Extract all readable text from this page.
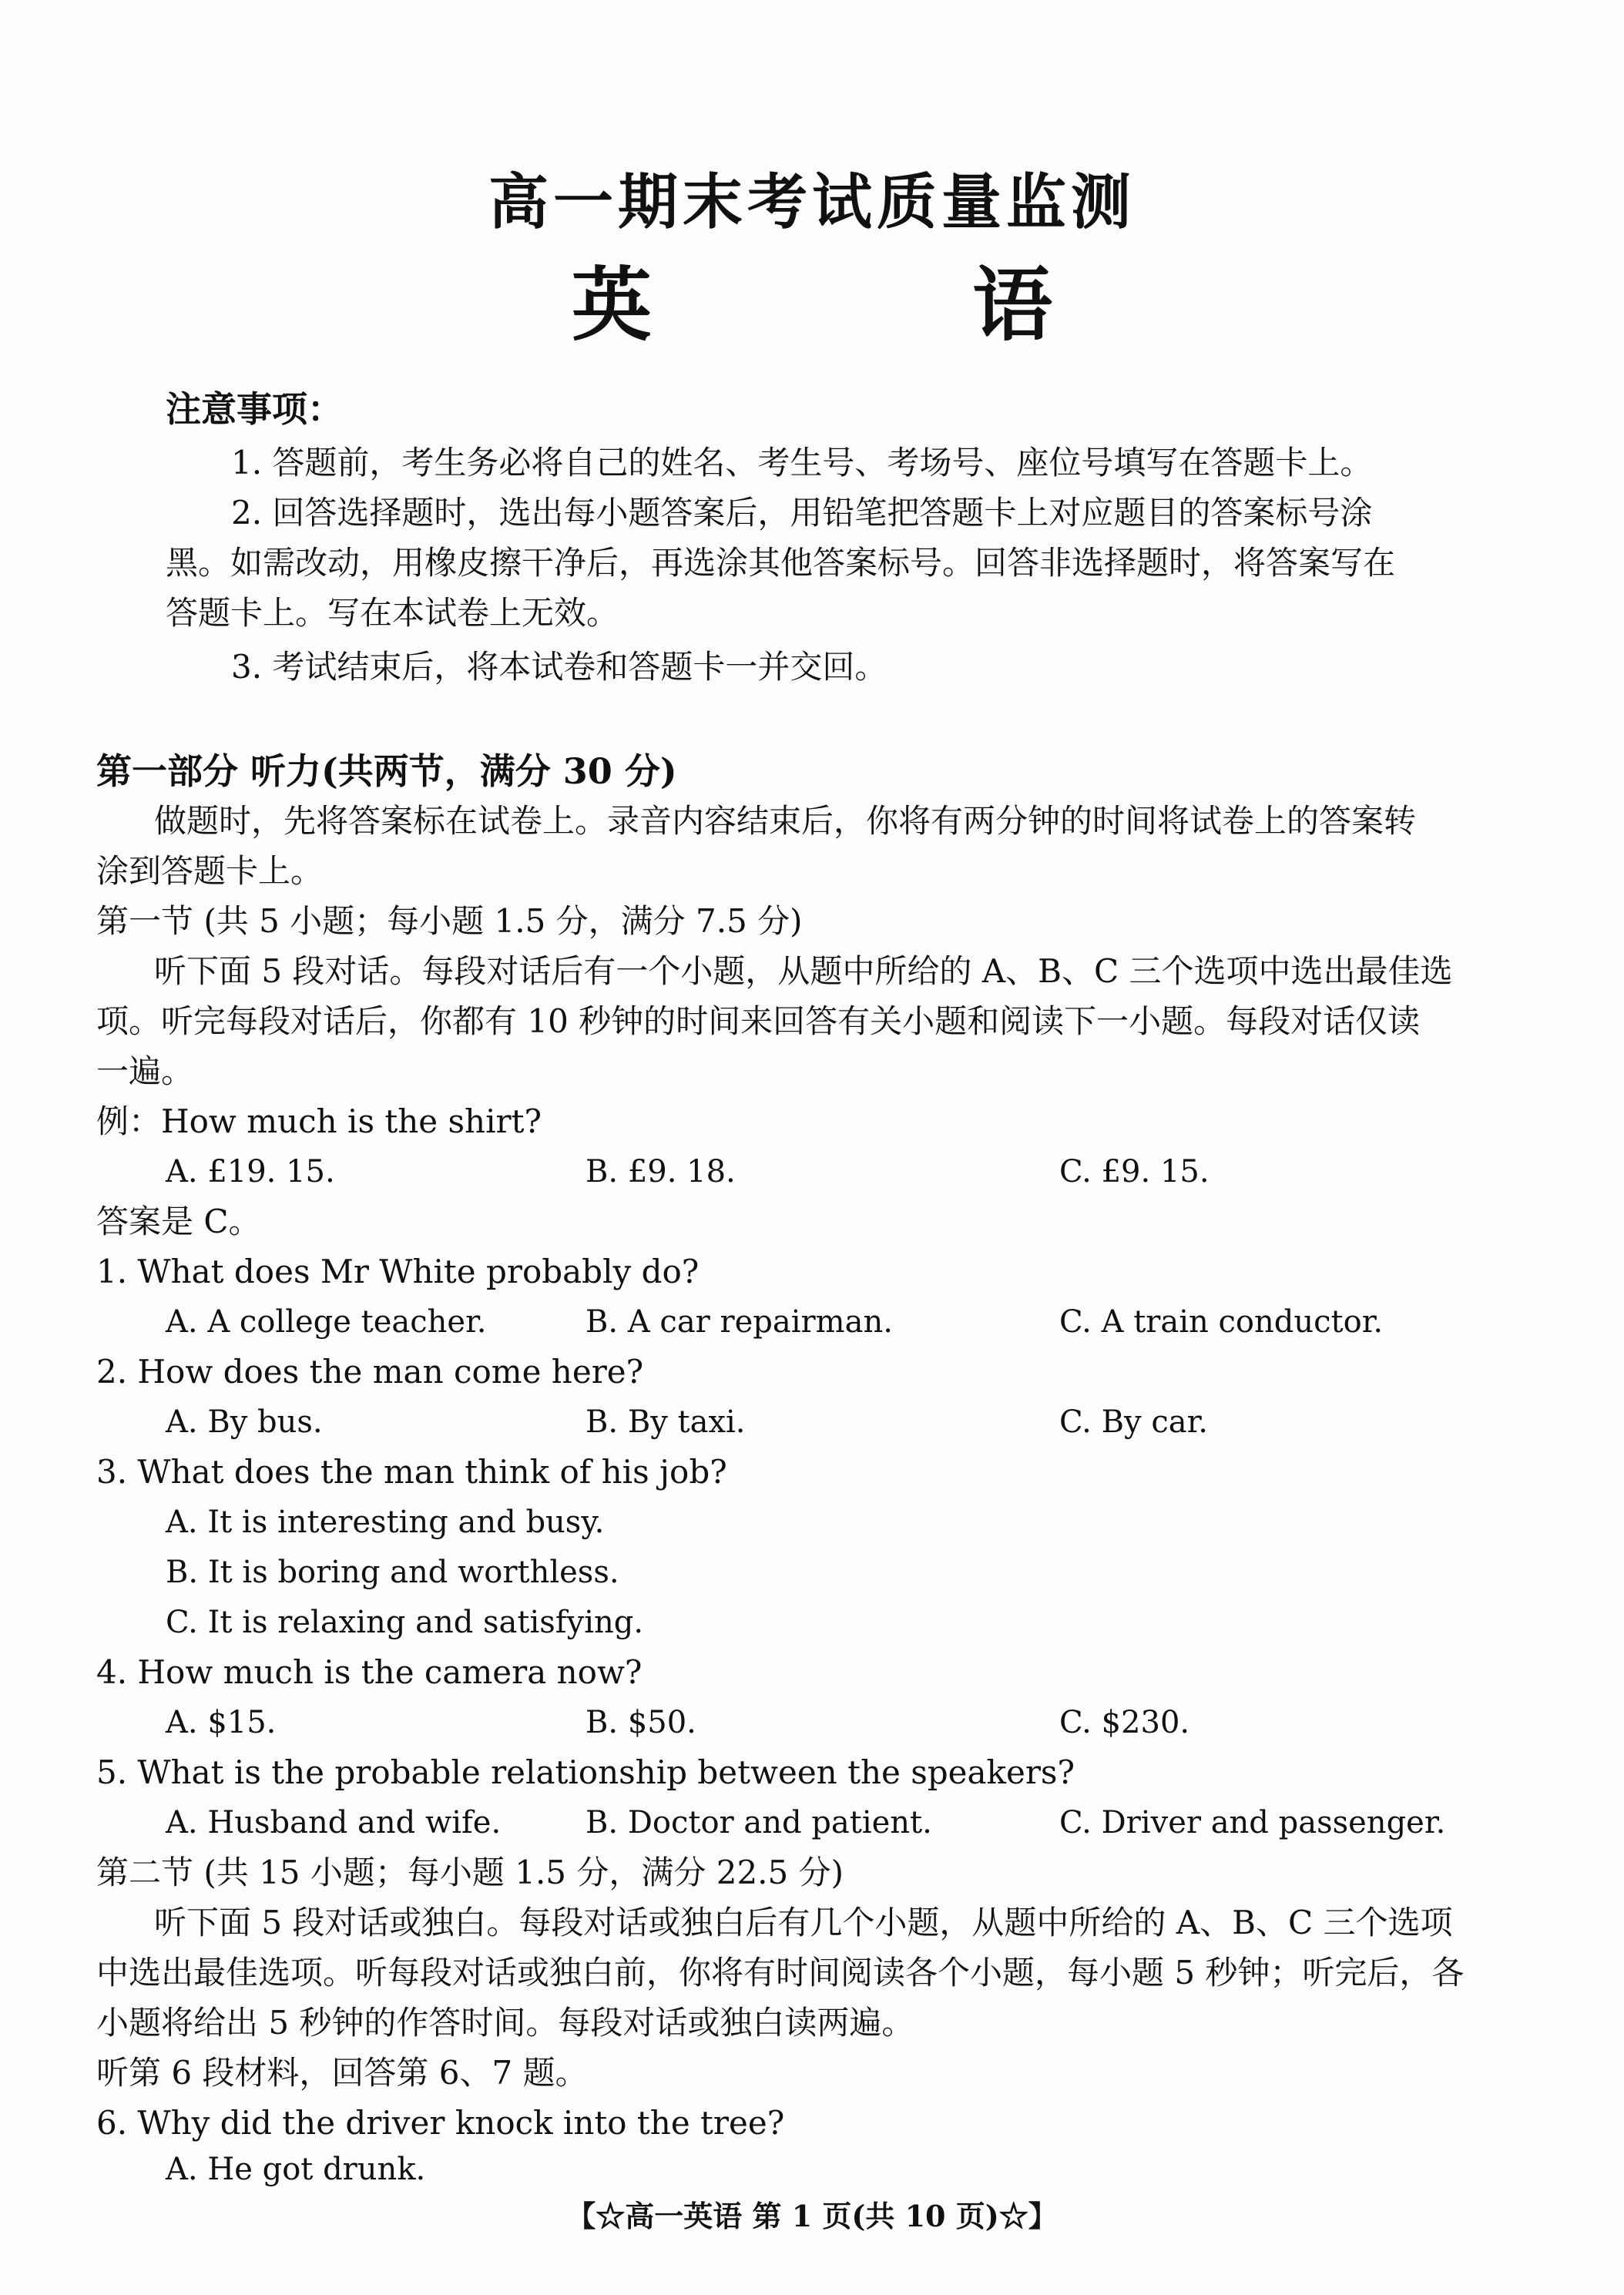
高一期末考试质量监测
英 语
注意事项：
1. 答题前，考生务必将自己的姓名、考生号、考场号、座位号填写在答题卡上。
2. 回答选择题时，选出每小题答案后，用铅笔把答题卡上对应题目的答案标号涂
黑。如需改动，用橡皮擦干净后，再选涂其他答案标号。回答非选择题时，将答案写在
答题卡上。写在本试卷上无效。
3. 考试结束后，将本试卷和答题卡一并交回。
第一部分 听力(共两节，满分 30 分)
做题时，先将答案标在试卷上。录音内容结束后，你将有两分钟的时间将试卷上的答案转
涂到答题卡上。
第一节 (共 5 小题；每小题 1.5 分，满分 7.5 分)
听下面 5 段对话。每段对话后有一个小题，从题中所给的 A、B、C 三个选项中选出最佳选
项。听完每段对话后，你都有 10 秒钟的时间来回答有关小题和阅读下一小题。每段对话仅读
一遍。
例：How much is the shirt?
A. £19. 15.	B. £9. 18.	C. £9. 15.
答案是 C。
1. What does Mr White probably do?
A. A college teacher.	B. A car repairman.	C. A train conductor.
2. How does the man come here?
A. By bus.	B. By taxi.	C. By car.
3. What does the man think of his job?
A. It is interesting and busy.
B. It is boring and worthless.
C. It is relaxing and satisfying.
4. How much is the camera now?
A. $15.	B. $50.	C. $230.
5. What is the probable relationship between the speakers?
A. Husband and wife.	B. Doctor and patient.	C. Driver and passenger.
第二节 (共 15 小题；每小题 1.5 分，满分 22.5 分)
听下面 5 段对话或独白。每段对话或独白后有几个小题，从题中所给的 A、B、C 三个选项
中选出最佳选项。听每段对话或独白前，你将有时间阅读各个小题，每小题 5 秒钟；听完后，各
小题将给出 5 秒钟的作答时间。每段对话或独白读两遍。
听第 6 段材料，回答第 6、7 题。
6. Why did the driver knock into the tree?
A. He got drunk.
【☆高一英语 第 1 页(共 10 页)☆】
